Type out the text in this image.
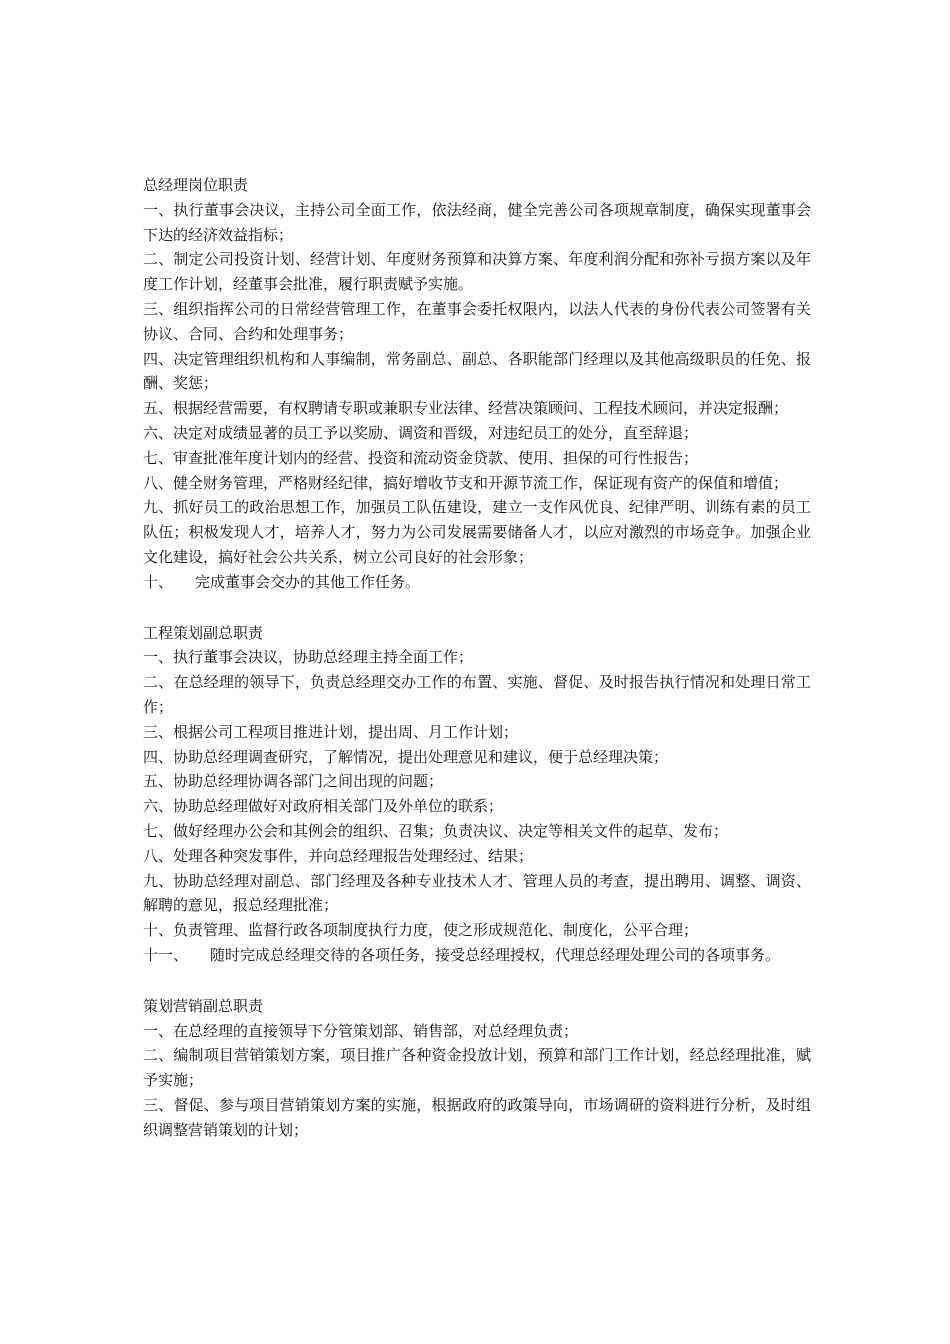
总经理岗位职责

一、执行董事会决议，主持公司全面工作，依法经商，健全完善公司各项规章制度，确保实现董事会下达的经济效益指标；

二、制定公司投资计划、经营计划、年度财务预算和决算方案、年度利润分配和弥补亏损方案以及年度工作计划，经董事会批准，履行职责赋予实施。

三、组织指挥公司的日常经营管理工作，在董事会委托权限内，以法人代表的身份代表公司签署有关协议、合同、合约和处理事务；

四、决定管理组织机构和人事编制，常务副总、副总、各职能部门经理以及其他高级职员的任免、报酬、奖惩；

五、根据经营需要，有权聘请专职或兼职专业法律、经营决策顾问、工程技术顾问，并决定报酬；

六、决定对成绩显著的员工予以奖励、调资和晋级，对违纪员工的处分，直至辞退；

七、审查批准年度计划内的经营、投资和流动资金贷款、使用、担保的可行性报告；

八、健全财务管理，严格财经纪律，搞好增收节支和开源节流工作，保证现有资产的保值和增值；

九、抓好员工的政治思想工作，加强员工队伍建设，建立一支作风优良、纪律严明、训练有素的员工队伍；积极发现人才，培养人才，努力为公司发展需要储备人才，以应对激烈的市场竞争。加强企业文化建设，搞好社会公共关系，树立公司良好的社会形象；

十、 完成董事会交办的其他工作任务。

工程策划副总职责

一、执行董事会决议，协助总经理主持全面工作；

二、在总经理的领导下，负责总经理交办工作的布置、实施、督促、及时报告执行情况和处理日常工作；

三、根据公司工程项目推进计划，提出周、月工作计划；

四、协助总经理调查研究，了解情况，提出处理意见和建议，便于总经理决策；

五、协助总经理协调各部门之间出现的问题；

六、协助总经理做好对政府相关部门及外单位的联系；

七、做好经理办公会和其例会的组织、召集；负责决议、决定等相关文件的起草、发布；

八、处理各种突发事件，并向总经理报告处理经过、结果；

九、协助总经理对副总、部门经理及各种专业技术人才、管理人员的考查，提出聘用、调整、调资、解聘的意见，报总经理批准；

十、负责管理、监督行政各项制度执行力度，使之形成规范化、制度化，公平合理；

十一、 随时完成总经理交待的各项任务，接受总经理授权，代理总经理处理公司的各项事务。

策划营销副总职责

一、在总经理的直接领导下分管策划部、销售部，对总经理负责；

二、编制项目营销策划方案，项目推广各种资金投放计划，预算和部门工作计划，经总经理批准，赋予实施；

三、督促、参与项目营销策划方案的实施，根据政府的政策导向，市场调研的资料进行分析，及时组织调整营销策划的计划；
